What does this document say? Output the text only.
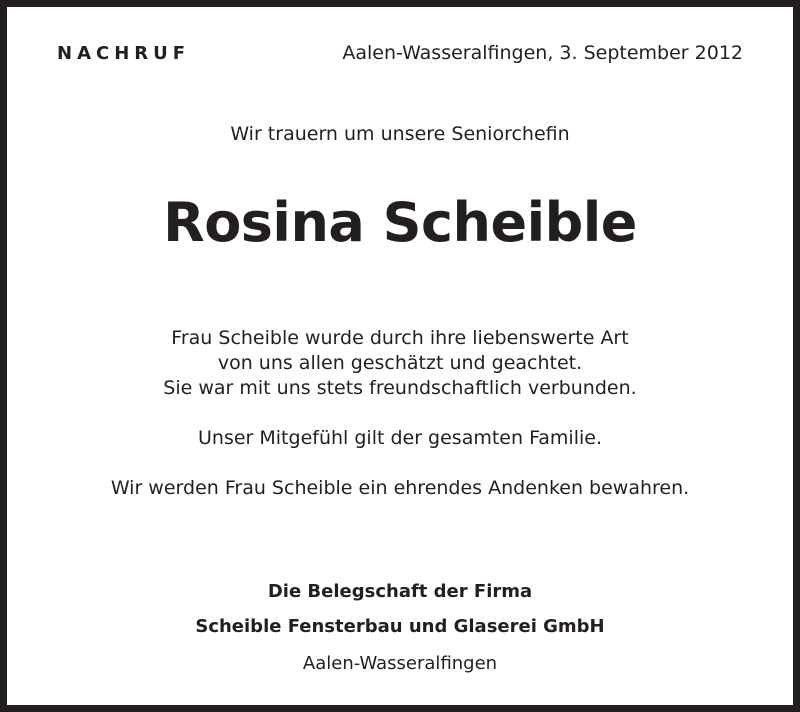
NACHRUF	Aalen-Wasseralfingen, 3. September 2012
Wir trauern um unsere Seniorchefin
Rosina Scheible
Frau Scheible wurde durch ihre liebenswerte Art
von uns allen geschätzt und geachtet.
Sie war mit uns stets freundschaftlich verbunden.
Unser Mitgefühl gilt der gesamten Familie.
Wir werden Frau Scheible ein ehrendes Andenken bewahren.
Die Belegschaft der Firma
Scheible Fensterbau und Glaserei GmbH
Aalen-Wasseralfingen
